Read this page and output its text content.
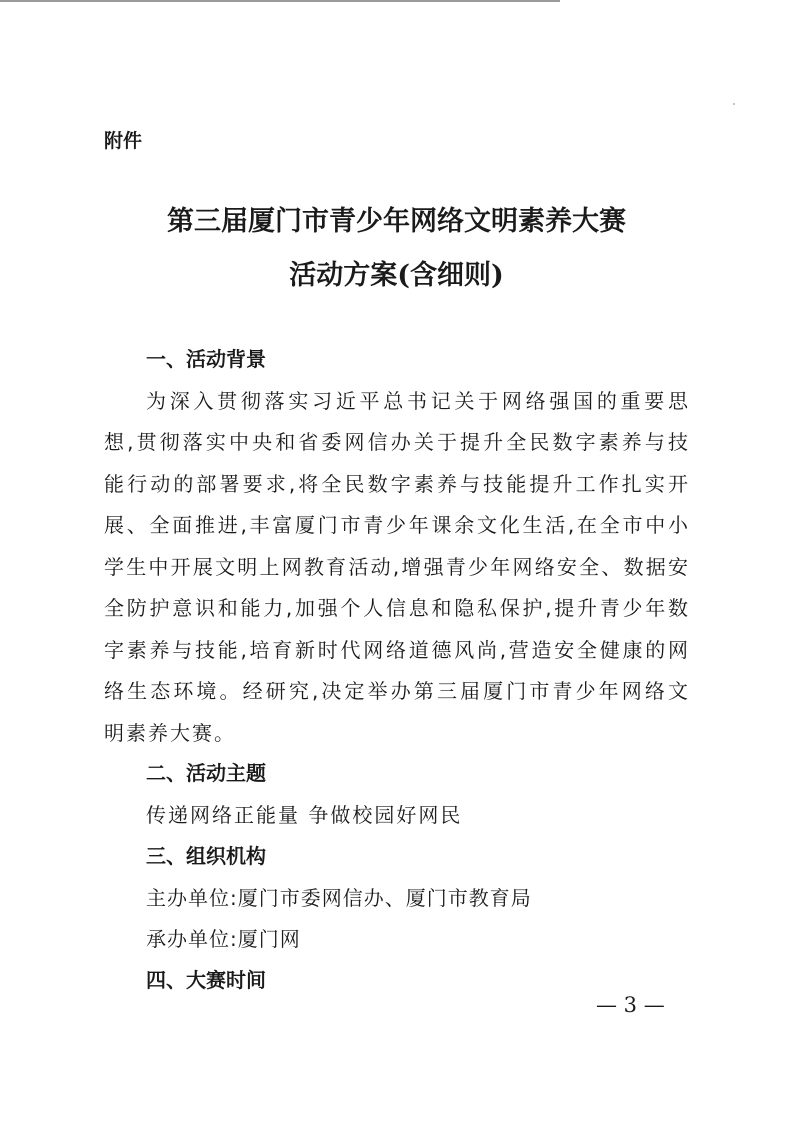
附件
第三届厦门市青少年网络文明素养大赛
活动方案(含细则)
一、活动背景
为深入贯彻落实习近平总书记关于网络强国的重要思
想,贯彻落实中央和省委网信办关于提升全民数字素养与技
能行动的部署要求,将全民数字素养与技能提升工作扎实开
展、全面推进,丰富厦门市青少年课余文化生活,在全市中小
学生中开展文明上网教育活动,增强青少年网络安全、数据安
全防护意识和能力,加强个人信息和隐私保护,提升青少年数
字素养与技能,培育新时代网络道德风尚,营造安全健康的网
络生态环境。经研究,决定举办第三届厦门市青少年网络文
明素养大赛。
二、活动主题
传递网络正能量 争做校园好网民
三、组织机构
主办单位:厦门市委网信办、厦门市教育局
承办单位:厦门网
四、大赛时间
— 3 —
